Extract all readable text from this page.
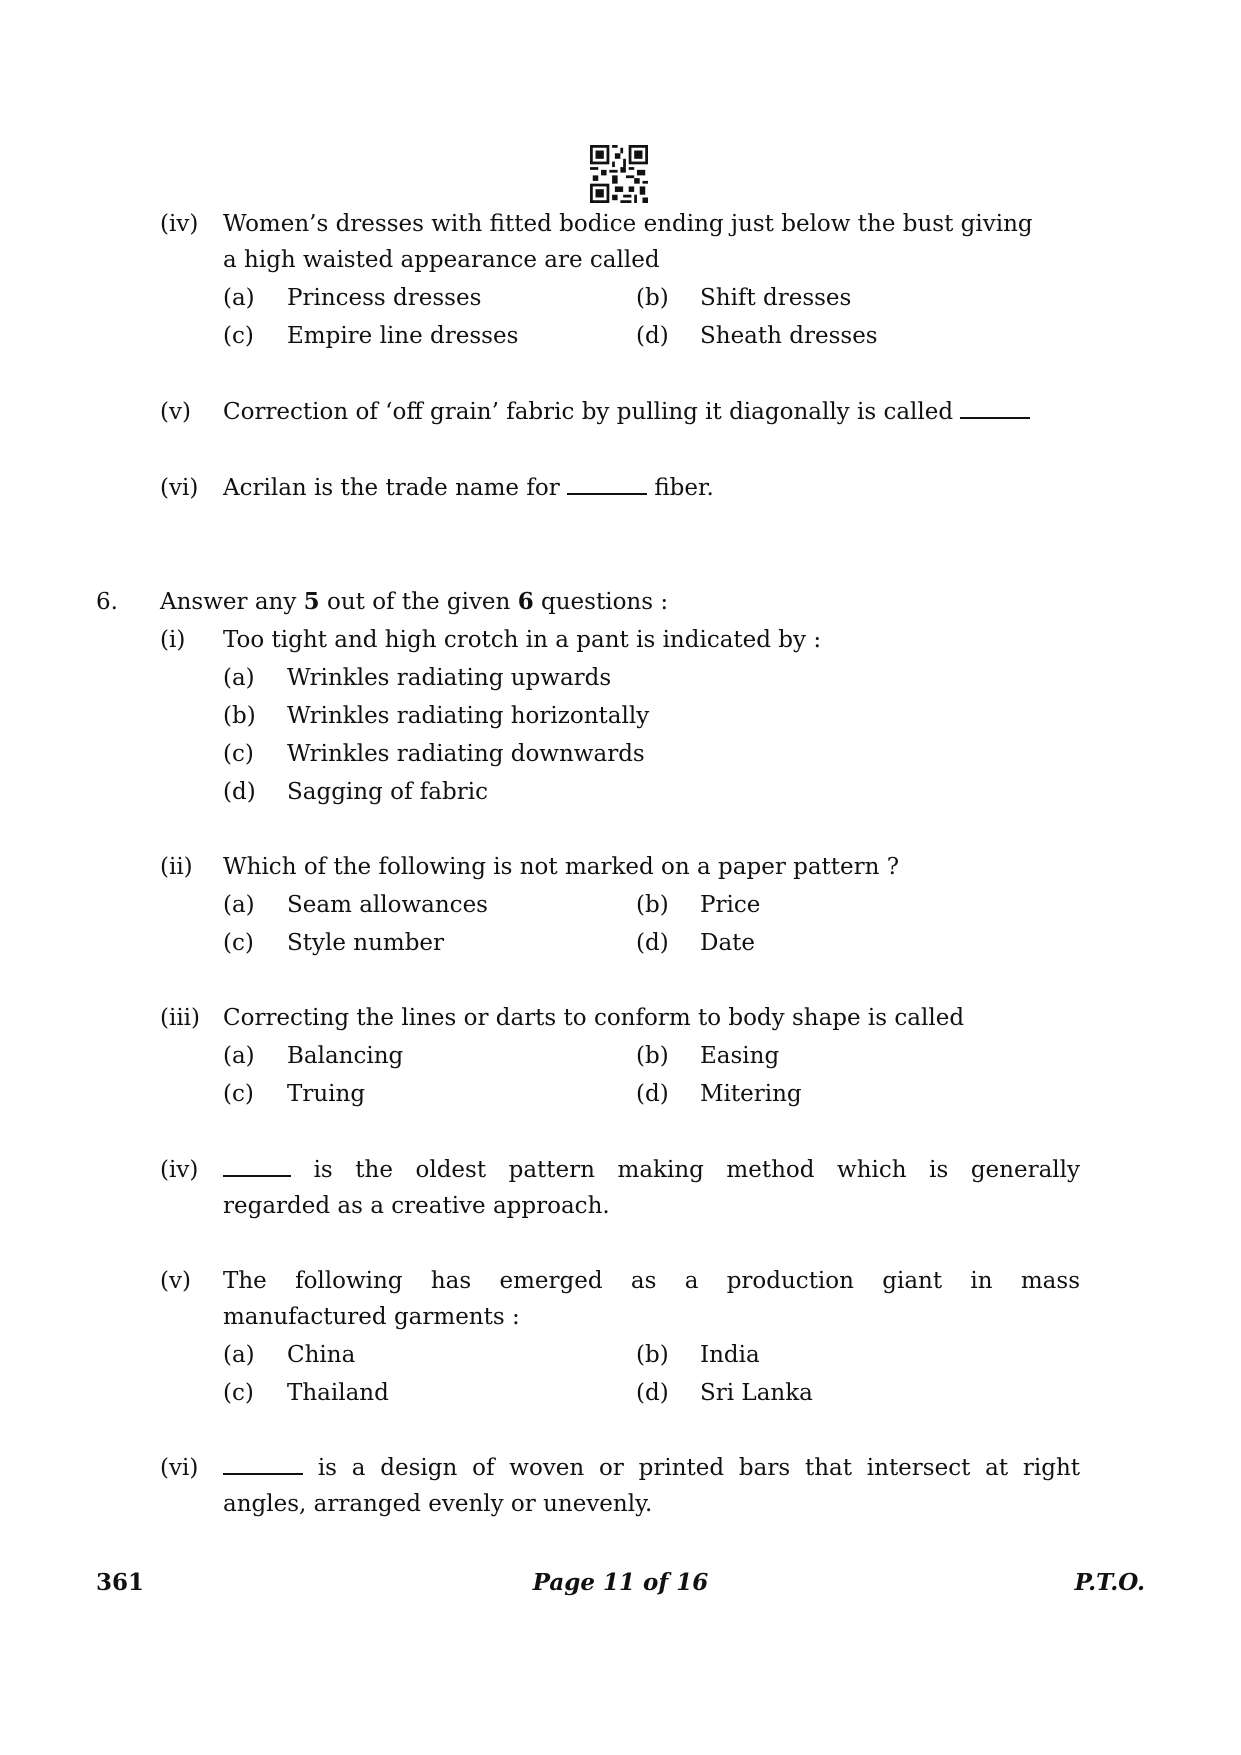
(iv) Women’s dresses with fitted bodice ending just below the bust giving
a high waisted appearance are called
(a) Princess dresses	(b) Shift dresses
(c) Empire line dresses	(d) Sheath dresses
(v) Correction of ‘off grain’ fabric by pulling it diagonally is called
(vi) Acrilan is the trade name for	fiber.
6. Answer any 5 out of the given 6 questions :
(i) Too tight and high crotch in a pant is indicated by :
(a) Wrinkles radiating upwards
(b) Wrinkles radiating horizontally
(c) Wrinkles radiating downwards
(d) Sagging of fabric
(ii) Which of the following is not marked on a paper pattern ?
(a) Seam allowances	(b) Price
(c) Style number	(d) Date
(iii) Correcting the lines or darts to conform to body shape is called
(a) Balancing	(b) Easing
(c) Truing	(d) Mitering
(iv)	is the oldest pattern making method which is generally
regarded as a creative approach.
(v) The following has emerged as a production giant in mass
manufactured garments :
(a) China	(b) India
(c) Thailand	(d) Sri Lanka
(vi)	is a design of woven or printed bars that intersect at right
angles, arranged evenly or unevenly.
361	Page 11 of 16	P.T.O.
